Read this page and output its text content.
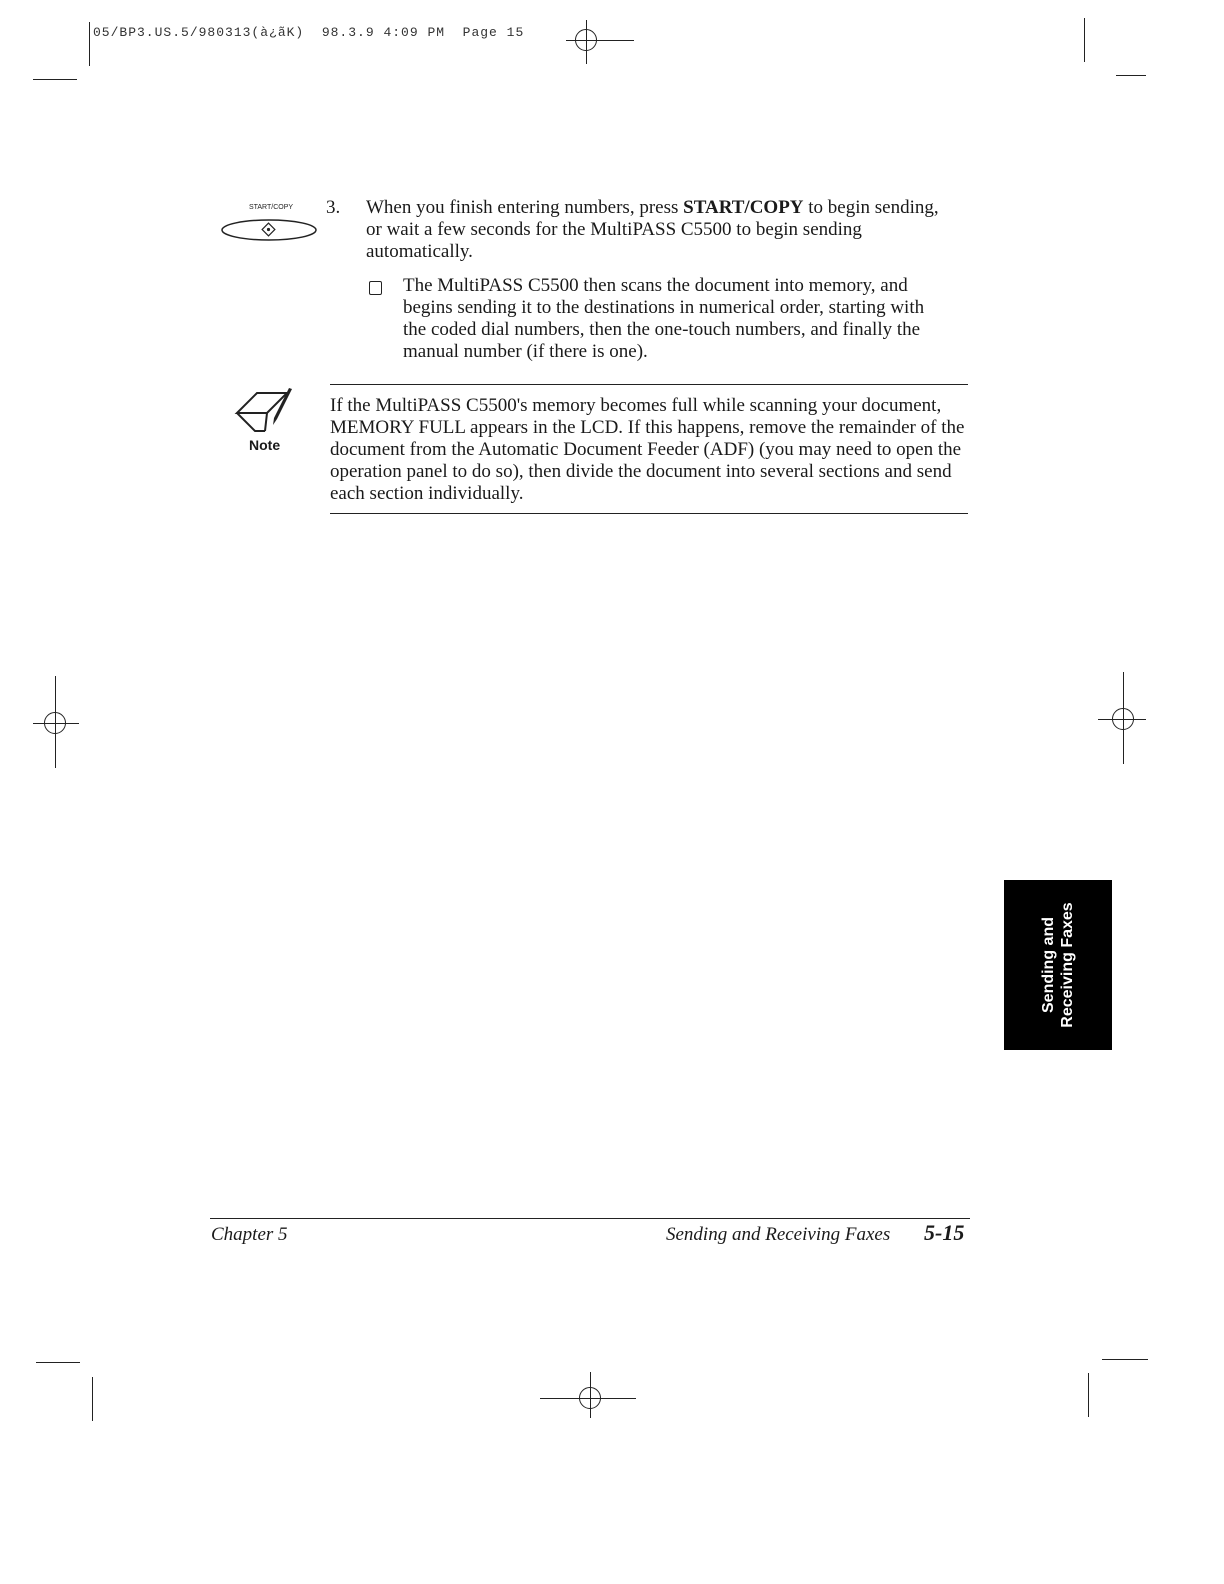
05/BP3.US.5/980313(à¿ãK)  98.3.9 4:09 PM  Page 15
START/COPY 3. When you finish entering numbers, press START/COPY to begin sending, or wait a few seconds for the MultiPASS C5500 to begin sending automatically.
The MultiPASS C5500 then scans the document into memory, and begins sending it to the destinations in numerical order, starting with the coded dial numbers, then the one-touch numbers, and finally the manual number (if there is one).
Note
If the MultiPASS C5500's memory becomes full while scanning your document, MEMORY FULL appears in the LCD. If this happens, remove the remainder of the document from the Automatic Document Feeder (ADF) (you may need to open the operation panel to do so), then divide the document into several sections and send each section individually.
Sending and Receiving Faxes
Chapter 5	Sending and Receiving Faxes 5-15
